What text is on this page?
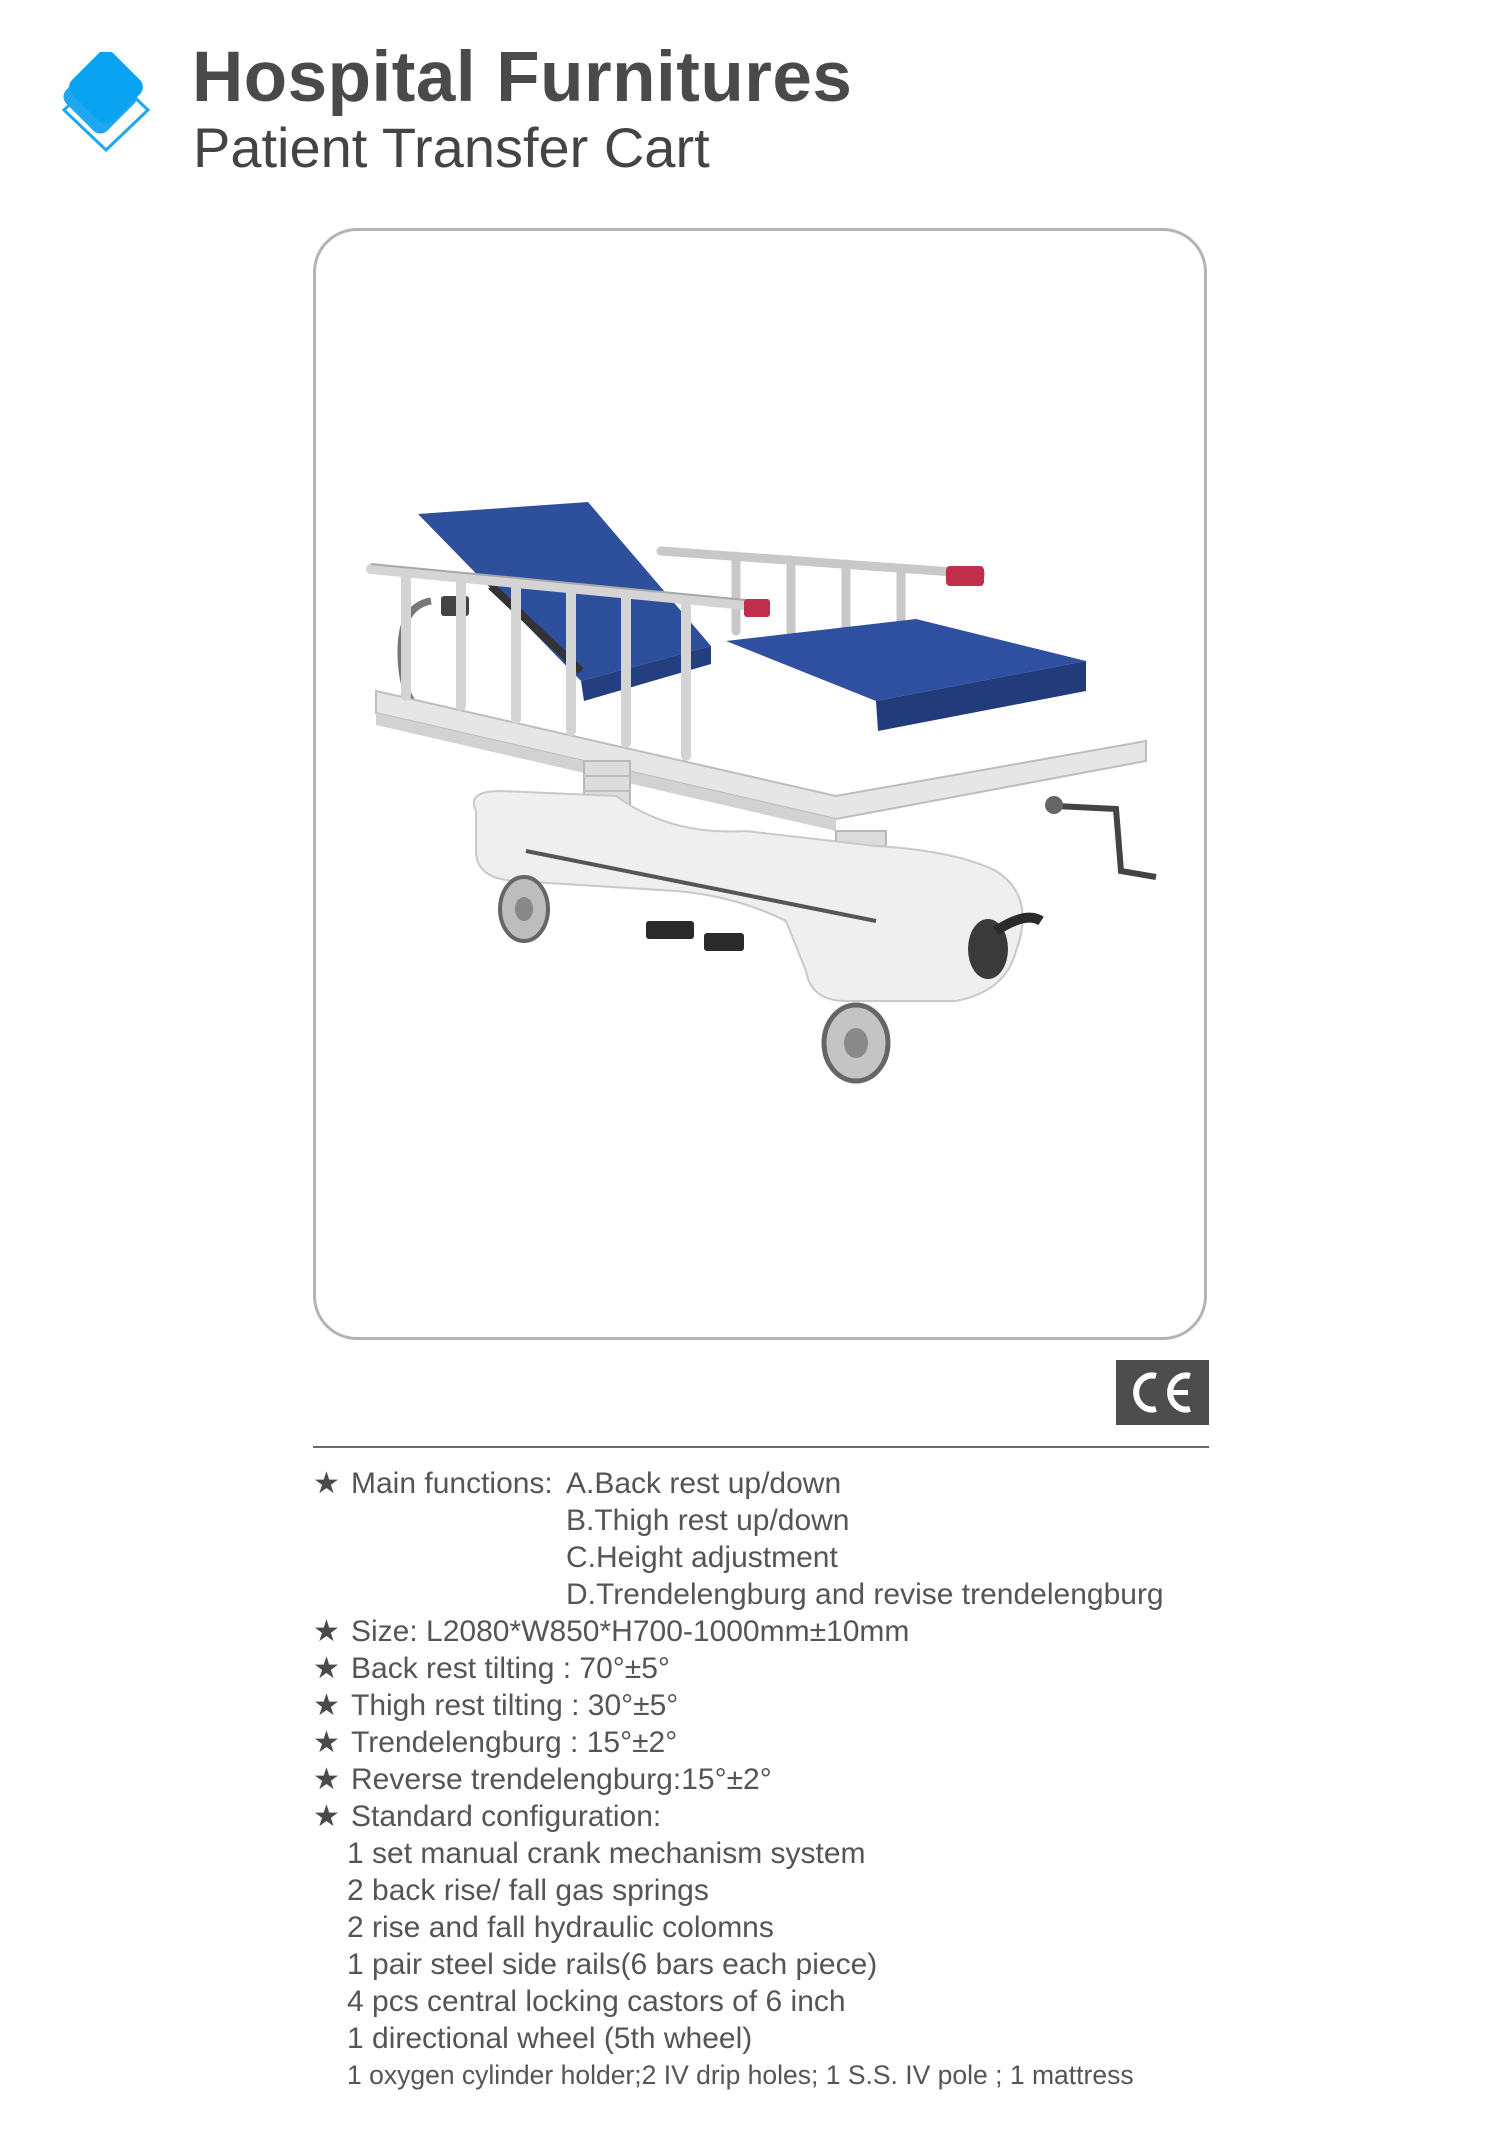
Hospital Furnitures
Patient Transfer Cart
★ Main functions: A.Back rest up/down
B.Thigh rest up/down
C.Height adjustment
D.Trendelengburg and revise trendelengburg
★ Size: L2080*W850*H700-1000mm±10mm
★ Back rest tilting : 70°±5°
★ Thigh rest tilting : 30°±5°
★ Trendelengburg : 15°±2°
★ Reverse trendelengburg:15°±2°
★ Standard configuration:
1 set manual crank mechanism system
2 back rise/ fall gas springs
2 rise and fall hydraulic colomns
1 pair steel side rails(6 bars each piece)
4 pcs central locking castors of 6 inch
1 directional wheel (5th wheel)
1 oxygen cylinder holder;2 IV drip holes; 1 S.S. IV pole ; 1 mattress
